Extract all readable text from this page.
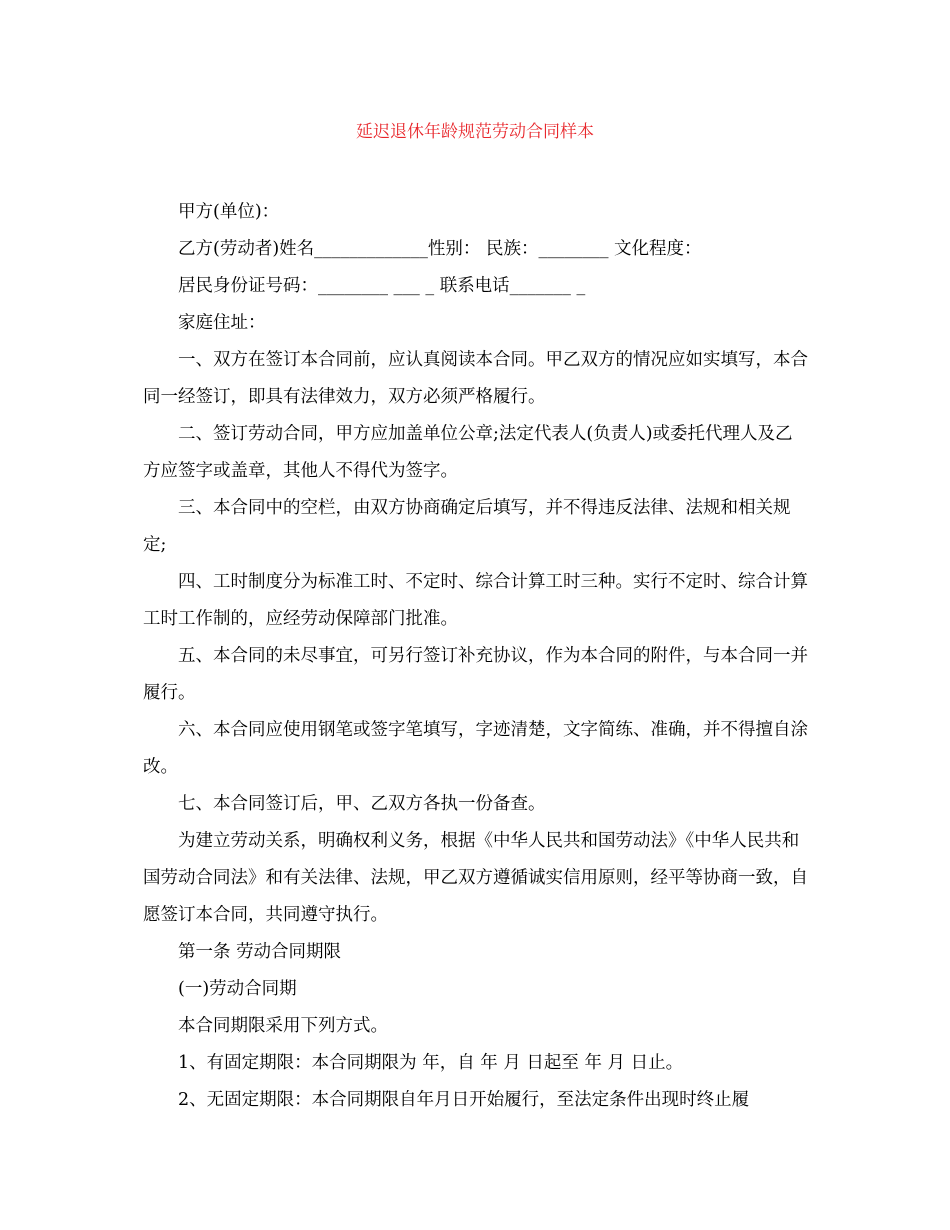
延迟退休年龄规范劳动合同样本

甲方(单位)：

乙方(劳动者)姓名_____________性别： 民族：________ 文化程度：

居民身份证号码：________ ___ _ 联系电话_______ _

家庭住址：

一、双方在签订本合同前，应认真阅读本合同。甲乙双方的情况应如实填写，本合同一经签订，即具有法律效力，双方必须严格履行。

二、签订劳动合同，甲方应加盖单位公章;法定代表人(负责人)或委托代理人及乙方应签字或盖章，其他人不得代为签字。

三、本合同中的空栏，由双方协商确定后填写，并不得违反法律、法规和相关规定;

四、工时制度分为标准工时、不定时、综合计算工时三种。实行不定时、综合计算工时工作制的，应经劳动保障部门批准。

五、本合同的未尽事宜，可另行签订补充协议，作为本合同的附件，与本合同一并履行。

六、本合同应使用钢笔或签字笔填写，字迹清楚，文字简练、准确，并不得擅自涂改。

七、本合同签订后，甲、乙双方各执一份备查。

为建立劳动关系，明确权利义务，根据《中华人民共和国劳动法》《中华人民共和国劳动合同法》和有关法律、法规，甲乙双方遵循诚实信用原则，经平等协商一致，自愿签订本合同，共同遵守执行。

第一条 劳动合同期限

(一)劳动合同期

本合同期限采用下列方式。

1、有固定期限：本合同期限为 年，自 年 月 日起至 年 月 日止。

2、无固定期限：本合同期限自年月日开始履行，至法定条件出现时终止履
